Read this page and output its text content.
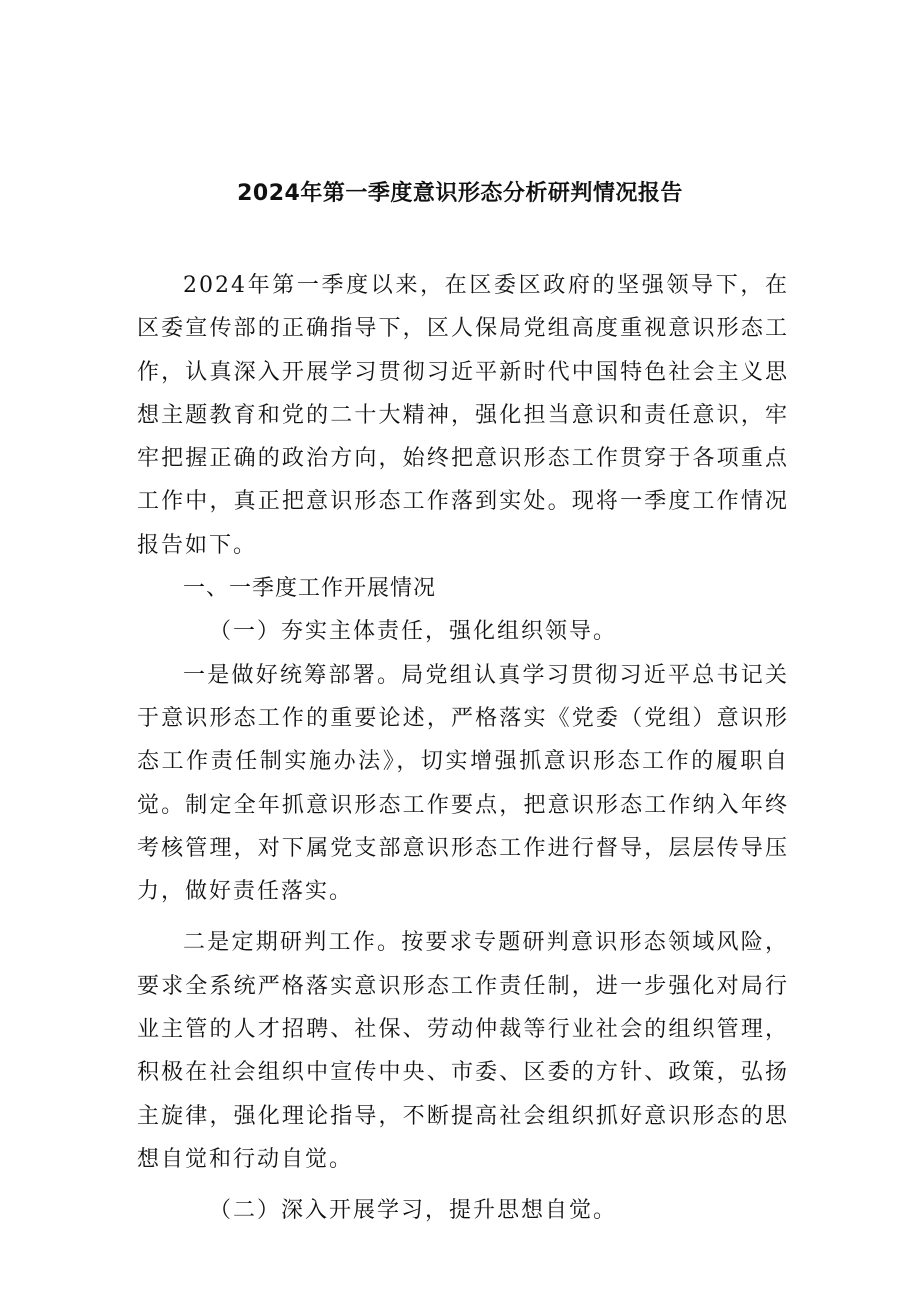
2024年第一季度意识形态分析研判情况报告

2024年第一季度以来，在区委区政府的坚强领导下，在区委宣传部的正确指导下，区人保局党组高度重视意识形态工作，认真深入开展学习贯彻习近平新时代中国特色社会主义思想主题教育和党的二十大精神，强化担当意识和责任意识，牢牢把握正确的政治方向，始终把意识形态工作贯穿于各项重点工作中，真正把意识形态工作落到实处。现将一季度工作情况报告如下。

一、一季度工作开展情况

（一）夯实主体责任，强化组织领导。

一是做好统筹部署。局党组认真学习贯彻习近平总书记关于意识形态工作的重要论述，严格落实《党委（党组）意识形态工作责任制实施办法》，切实增强抓意识形态工作的履职自觉。制定全年抓意识形态工作要点，把意识形态工作纳入年终考核管理，对下属党支部意识形态工作进行督导，层层传导压力，做好责任落实。

二是定期研判工作。按要求专题研判意识形态领域风险，要求全系统严格落实意识形态工作责任制，进一步强化对局行业主管的人才招聘、社保、劳动仲裁等行业社会的组织管理，积极在社会组织中宣传中央、市委、区委的方针、政策，弘扬主旋律，强化理论指导，不断提高社会组织抓好意识形态的思想自觉和行动自觉。

（二）深入开展学习，提升思想自觉。
